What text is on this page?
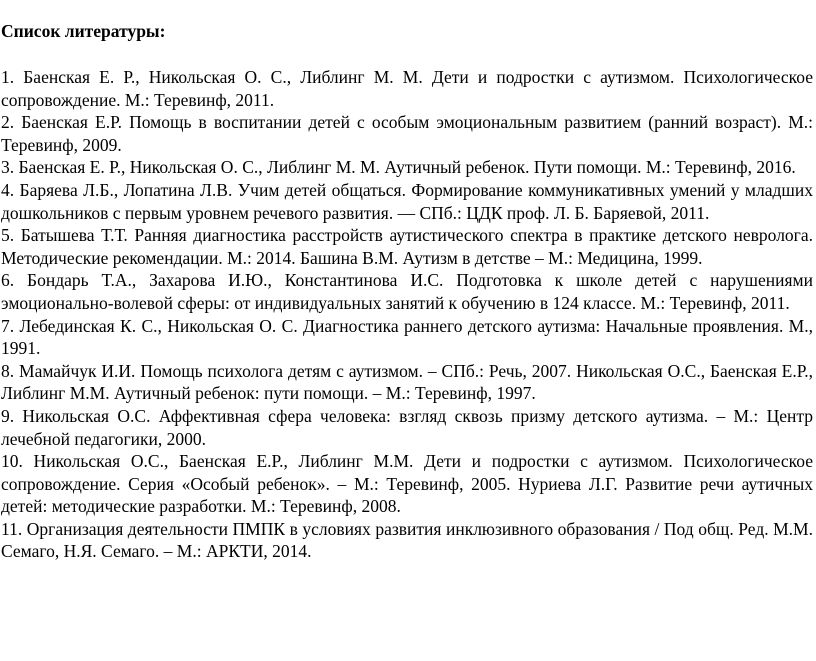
Список литературы:

1. Баенская Е. Р., Никольская О. С., Либлинг М. М. Дети и подростки с аутизмом. Психологическое сопровождение. М.: Теревинф, 2011.

2. Баенская Е.Р. Помощь в воспитании детей с особым эмоциональным развитием (ранний возраст). М.: Теревинф, 2009.

3. Баенская Е. Р., Никольская О. С., Либлинг М. М. Аутичный ребенок. Пути помощи. М.: Теревинф, 2016.

4. Баряева Л.Б., Лопатина Л.В. Учим детей общаться. Формирование коммуникативных умений у младших дошкольников с первым уровнем речевого развития. — СПб.: ЦДК проф. Л. Б. Баряевой, 2011.

5. Батышева Т.Т. Ранняя диагностика расстройств аутистического спектра в практике детского невролога. Методические рекомендации. М.: 2014. Башина В.М. Аутизм в детстве – М.: Медицина, 1999.

6. Бондарь Т.А., Захарова И.Ю., Константинова И.С. Подготовка к школе детей с нарушениями эмоционально-волевой сферы: от индивидуальных занятий к обучению в 124 классе. М.: Теревинф, 2011.

7. Лебединская К. С., Никольская О. С. Диагностика раннего детского аутизма: Начальные проявления. М., 1991.

8. Мамайчук И.И. Помощь психолога детям с аутизмом. – СПб.: Речь, 2007. Никольская О.С., Баенская Е.Р., Либлинг М.М. Аутичный ребенок: пути помощи. – М.: Теревинф, 1997.

9. Никольская О.С. Аффективная сфера человека: взгляд сквозь призму детского аутизма. – М.: Центр лечебной педагогики, 2000.

10. Никольская О.С., Баенская Е.Р., Либлинг М.М. Дети и подростки с аутизмом. Психологическое сопровождение. Серия «Особый ребенок». – М.: Теревинф, 2005. Нуриева Л.Г. Развитие речи аутичных детей: методические разработки. М.: Теревинф, 2008.

11. Организация деятельности ПМПК в условиях развития инклюзивного образования / Под общ. Ред. М.М. Семаго, Н.Я. Семаго. – М.: АРКТИ, 2014.
